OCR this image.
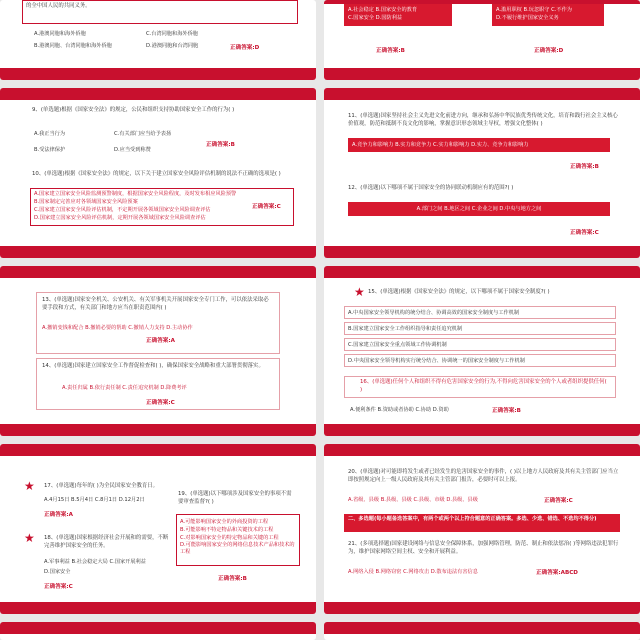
的全中国人民的共同义务。
A.港澳同胞和海外侨胞	C.台湾同胞和海外侨胞
B.港澳同胞、台湾同胞和海外侨胞	D.港澳同胞和台湾同胞	正确答案:D
A.社会稳定 B.国家安全的教育
C.国家安全 D.国防利益
A.滥用职权 B.玩忽职守 C.不作为
D.不履行维护国家安全义务
正确答案:B	正确答案:D
9、(单选题)根据《国家安全法》的规定，公民和组织支持协助国家安全工作的行为( )
A.我正当行为	C.有关部门应当给予表扬
B.受法律保护	D.应当受到称赞
正确答案:B
10、(单选题)根据《国家安全法》的规定，以下关于建立国家安全风险评估机制的说法不正确的选项是( )
A.国家建立国家安全风险监测预警制度，根据国家安全风险程度，及时发布相应风险预警
B.国家制定完善应对各领域国家安全风险预案
C.国家建立国家安全风险评估机制，不定期开展各领域国家安全风险调查评估
D.国家建立国家安全风险评估机制，定期开展各领域国家安全风险调查评估
正确答案:C
11、(单选题)国家坚持社会主义先进文化前进方向，继承和弘扬中华民族优秀传统文化，培育和践行社会主义核心价值观，防范和抵制不良文化的影响，掌握意识形态领域主导权，增强文化整体( )
A.竞争力和影响力 B.实力和竞争力 C.实力和影响力 D.实力、竞争力和影响力
正确答案:B
12、(单选题)以下哪项不属于国家安全的协同联动机制应有的范围?( )
A.部门之间 B.地区之间 C.企业之间 D.中央与地方之间
正确答案:C
13、(单选题)国家安全机关、公安机关、有关军事机关开展国家安全专门工作，可以依法采取必要手段和方式，有关部门和地方应当在职责范围内( )
A.撤销变钱和配合 B.撤销必要的帮助 C.撤销人力支持 D.主动协作
正确答案:A
14、(单选题)国家建立国家安全工作督促检查和( )，确保国家安全战略和重大部署贯彻落实。
A.责任归属 B.依行责任制 C.责任追究机制 D.降费考评
正确答案:C
★ 15、(单选题)根据《国家安全法》的规定，以下哪项不属于国家安全制度?( )
A.中央国家安全领导机构的统分结合、协调高效的国家安全制度与工作机制
B.国家建立国家安全工作组织指导和责任追究机制
C.国家建立国家安全重点领域工作协调机制
D.中央国家安全领导机构实行统分结合、协调统一的国家安全制度与工作机制
16、(单选题)任何个人和组织不得有危害国家安全的行为,不得向危害国家安全的个人或者组织提供任何( )
A.便利条件 B.资助或者协助 C.协助 D.资助	正确答案:B
★ 17、(单选题)每年的( )为全民国家安全教育日。
A.4月15日 B.5月4日 C.8月1日 D.12月2日
正确答案:A
★ 18、(单选题)国家根据经济社会开展和的需要，不断完善维护国家安全的任务。
A.军事利益 B.社会稳定大局 C.国家开展利益
D.国家安全
正确答案:C
19、(单选题)以下哪项涉及国家安全的事项不需要审查监督?( )
A.可能影响国家安全的外商投资的工程
B.可能影响不特定物品和关键技术的工程
C.对影响国家安全的特定物品和关键的工程
D.可能影响国家安全的网络信息技术产品和技术的工程
正确答案:B
20、(单选题)对可能即将发生或者已经发生的危害国家安全的事件，( )以上地方人民政府及其有关主管部门应当立即按照规定向上一级人民政府及其有关主管部门报告，必要时可以上报。
A.省级、县级 B.县级、县级 C.县级、市级 D.县级、县级	正确答案:C
二、多选题(每小题备选答案中，有两个或两个以上符合题意的正确答案。多选、少选、错选、不选均不得分)
21、(多项选择题)国家建设网络与信息安全保障体系，加强网络管理，防范、制止和依法惩治( )等网络违法犯罪行为，维护国家网络空间主权、安全和开展利益。
A.网络入侵 B.网络窃密 C.网络攻击 D.散布违法有害信息	正确答案:ABCD
